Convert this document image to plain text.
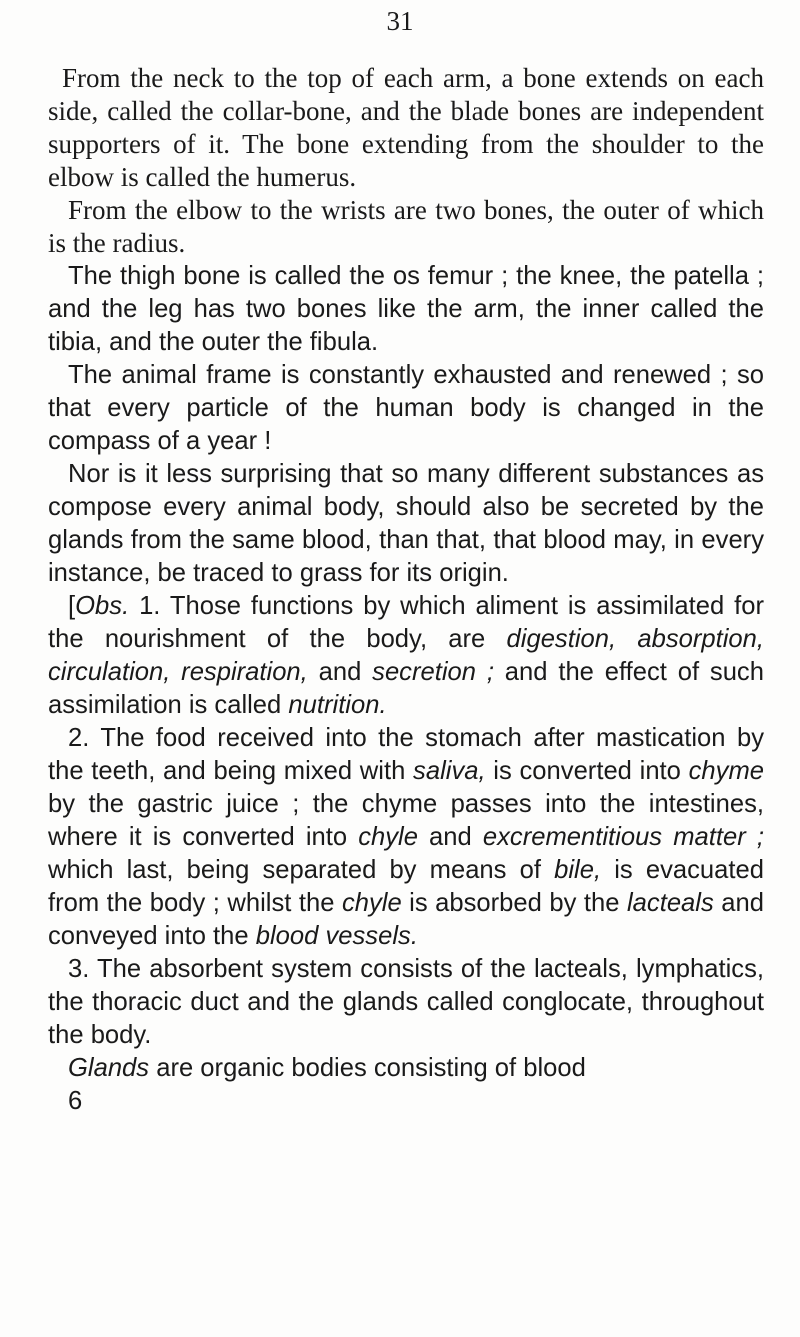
31

From the neck to the top of each arm, a bone extends on each side, called the collar-bone, and the blade bones are independent supporters of it. The bone extending from the shoulder to the elbow is called the humerus.

From the elbow to the wrists are two bones, the outer of which is the radius.

The thigh bone is called the os femur ; the knee, the patella ; and the leg has two bones like the arm, the inner called the tibia, and the outer the fibula.

The animal frame is constantly exhausted and renewed ; so that every particle of the human body is changed in the compass of a year !

Nor is it less surprising that so many different substances as compose every animal body, should also be secreted by the glands from the same blood, than that, that blood may, in every instance, be traced to grass for its origin.

[Obs. 1. Those functions by which aliment is assimilated for the nourishment of the body, are digestion, absorption, circulation, respiration, and secretion ; and the effect of such assimilation is called nutrition.

2. The food received into the stomach after mastication by the teeth, and being mixed with saliva, is converted into chyme by the gastric juice ; the chyme passes into the intestines, where it is converted into chyle and excrementitious matter ; which last, being separated by means of bile, is evacuated from the body ; whilst the chyle is absorbed by the lacteals and conveyed into the blood vessels.

3. The absorbent system consists of the lacteals, lymphatics, the thoracic duct and the glands called conglocate, throughout the body.

Glands are organic bodies consisting of blood

6
